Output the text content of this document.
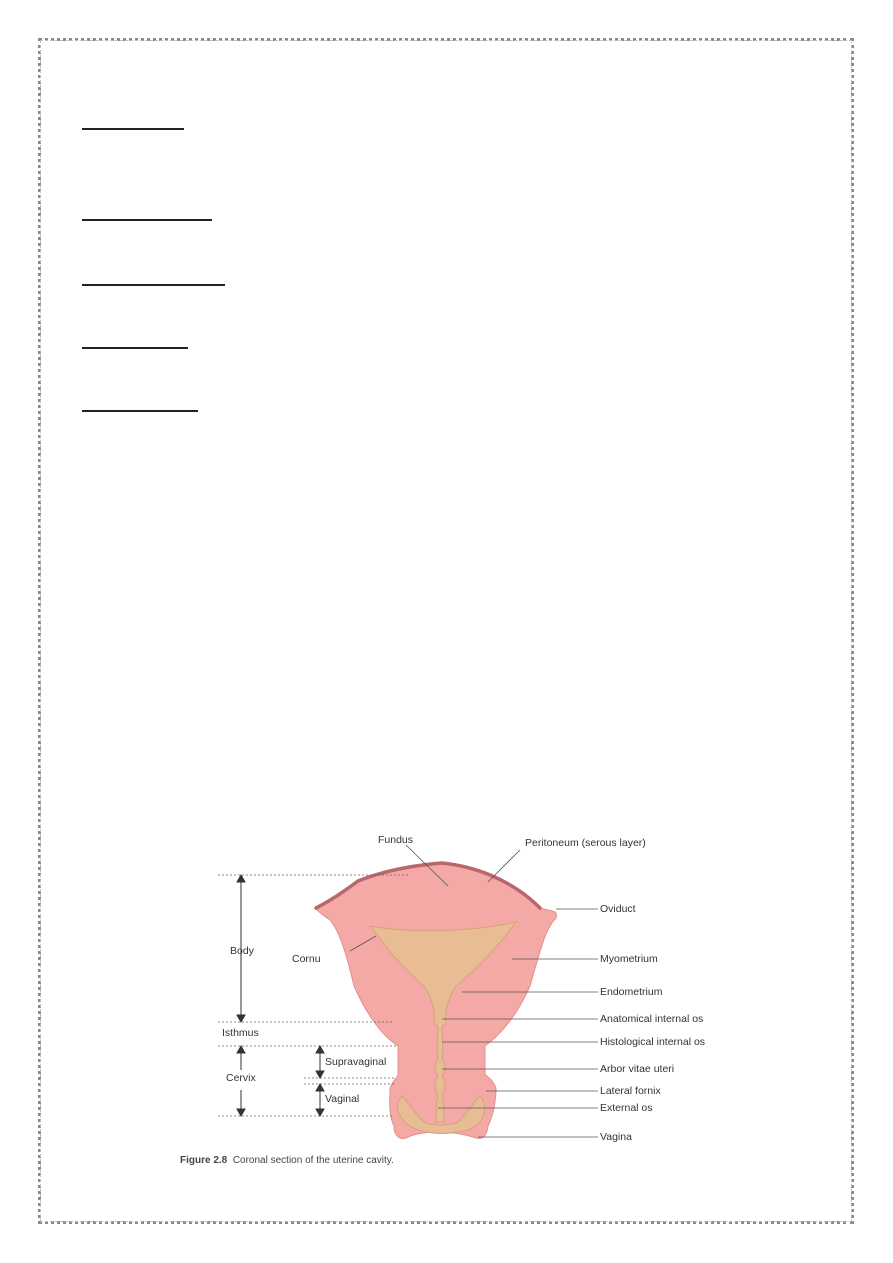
Fundus	Peritoneum (serous layer)
Oviduct
Body
Cornu	Myometrium
Endometrium
Anatomical internal os
Isthmus
Histological internal os
Supravaginal
Arbor vitae uteri
Cervix
Lateral fornix
Vaginal
External os
Vagina
Figure 2.8 Coronal section of the uterine cavity.
